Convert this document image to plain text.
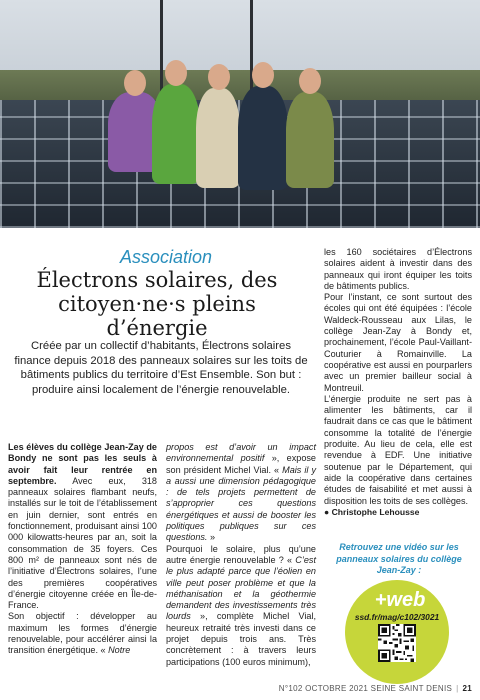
Association
Électrons solaires, des citoyen·ne·s pleins d’énergie
Créée par un collectif d’habitants, Électrons solaires finance depuis 2018 des panneaux solaires sur les toits de bâtiments publics du territoire d’Est Ensemble. Son but : produire ainsi localement de l’énergie renouvelable.

Les élèves du collège Jean-Zay de Bondy ne sont pas les seuls à avoir fait leur rentrée en septembre. Avec eux, 318 panneaux solaires flambant neufs, installés sur le toit de l’établissement en juin dernier, sont entrés en fonctionnement, produisant ainsi 100 000 kilowatts-heures par an, soit la consommation de 35 foyers. Ces 800 m² de panneaux sont nés de l’initiative d’Électrons solaires, l’une des premières coopératives d’énergie citoyenne créée en Île-de-France.

Son objectif : développer au maximum les formes d’énergie renouvelable, pour accélérer ainsi la transition énergétique. « Notre

propos est d’avoir un impact environnemental positif », expose son président Michel Vial. « Mais il y a aussi une dimension pédagogique : de tels projets permettent de s’approprier ces questions énergétiques et aussi de booster les politiques publiques sur ces questions. »

Pourquoi le solaire, plus qu’une autre énergie renouvelable ? « C’est le plus adapté parce que l’éolien en ville peut poser problème et que la méthanisation et la géothermie demandent des investissements très lourds », complète Michel Vial, heureux retraité très investi dans ce projet depuis trois ans. Très concrètement : à travers leurs participations (100 euros minimum),

les 160 sociétaires d’Électrons solaires aident à investir dans des panneaux qui iront équiper les toits de bâtiments publics.

Pour l’instant, ce sont surtout des écoles qui ont été équipées : l’école Waldeck-Rousseau aux Lilas, le collège Jean-Zay à Bondy et, prochainement, l’école Paul-Vaillant-Couturier à Romainville. La coopérative est aussi en pourparlers avec un premier bailleur social à Montreuil.

L’énergie produite ne sert pas à alimenter les bâtiments, car il faudrait dans ce cas que le bâtiment consomme la totalité de l’énergie produite. Au lieu de cela, elle est revendue à EDF. Une initiative soutenue par le Département, qui aide la coopérative dans certaines études de faisabilité et met aussi à disposition les toits de ses collèges.

● Christophe Lehousse

Retrouvez une vidéo sur les panneaux solaires du collège Jean-Zay :
+web
ssd.fr/mag/c102/3021
N°102 OCTOBRE 2021 SEINE SAINT DENIS | 21
